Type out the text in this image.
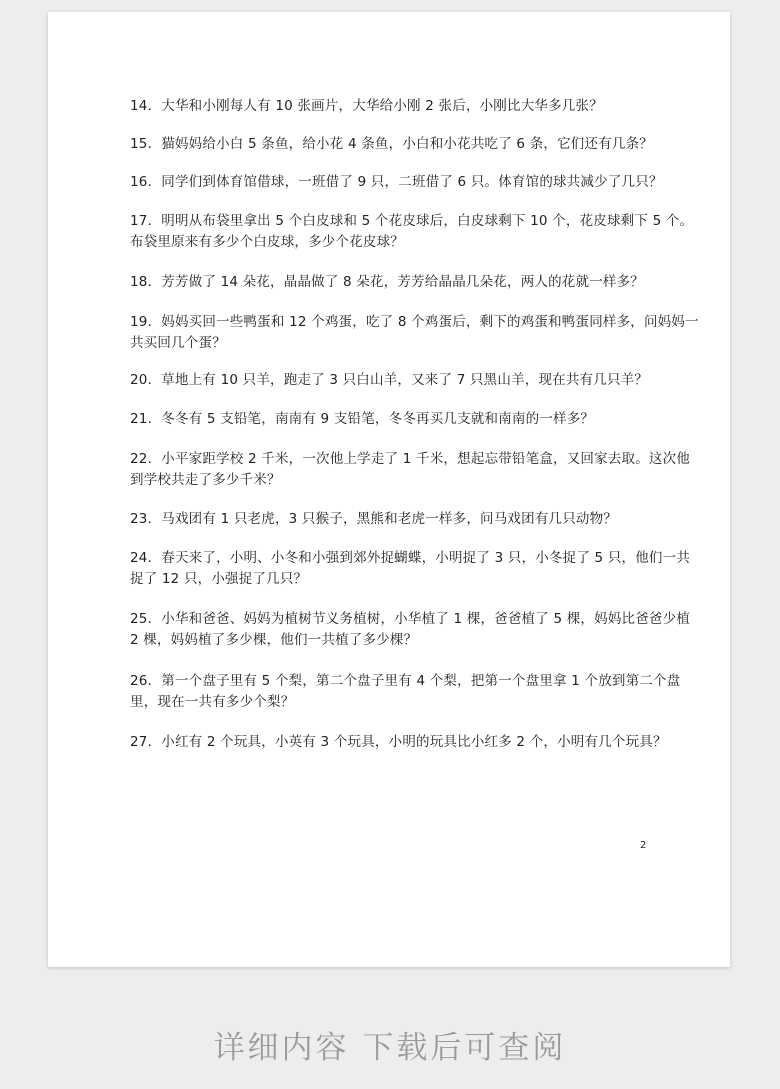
14．大华和小刚每人有 10 张画片，大华给小刚 2 张后，小刚比大华多几张？

15．猫妈妈给小白 5 条鱼，给小花 4 条鱼，小白和小花共吃了 6 条，它们还有几条？

16．同学们到体育馆借球，一班借了 9 只，二班借了 6 只。体育馆的球共减少了几只？

17．明明从布袋里拿出 5 个白皮球和 5 个花皮球后，白皮球剩下 10 个，花皮球剩下 5 个。布袋里原来有多少个白皮球，多少个花皮球？

18．芳芳做了 14 朵花，晶晶做了 8 朵花，芳芳给晶晶几朵花，两人的花就一样多？

19．妈妈买回一些鸭蛋和 12 个鸡蛋，吃了 8 个鸡蛋后，剩下的鸡蛋和鸭蛋同样多，问妈妈一共买回几个蛋？

20．草地上有 10 只羊，跑走了 3 只白山羊，又来了 7 只黑山羊，现在共有几只羊？

21．冬冬有 5 支铅笔，南南有 9 支铅笔，冬冬再买几支就和南南的一样多？

22．小平家距学校 2 千米，一次他上学走了 1 千米，想起忘带铅笔盒，又回家去取。这次他到学校共走了多少千米？

23．马戏团有 1 只老虎，3 只猴子，黑熊和老虎一样多，问马戏团有几只动物？

24．春天来了，小明、小冬和小强到郊外捉蝴蝶，小明捉了 3 只，小冬捉了 5 只，他们一共捉了 12 只，小强捉了几只？

25．小华和爸爸、妈妈为植树节义务植树，小华植了 1 棵，爸爸植了 5 棵，妈妈比爸爸少植 2 棵，妈妈植了多少棵，他们一共植了多少棵？

26．第一个盘子里有 5 个梨，第二个盘子里有 4 个梨，把第一个盘里拿 1 个放到第二个盘里，现在一共有多少个梨？

27．小红有 2 个玩具，小英有 3 个玩具，小明的玩具比小红多 2 个，小明有几个玩具？

2
详细内容 下载后可查阅
